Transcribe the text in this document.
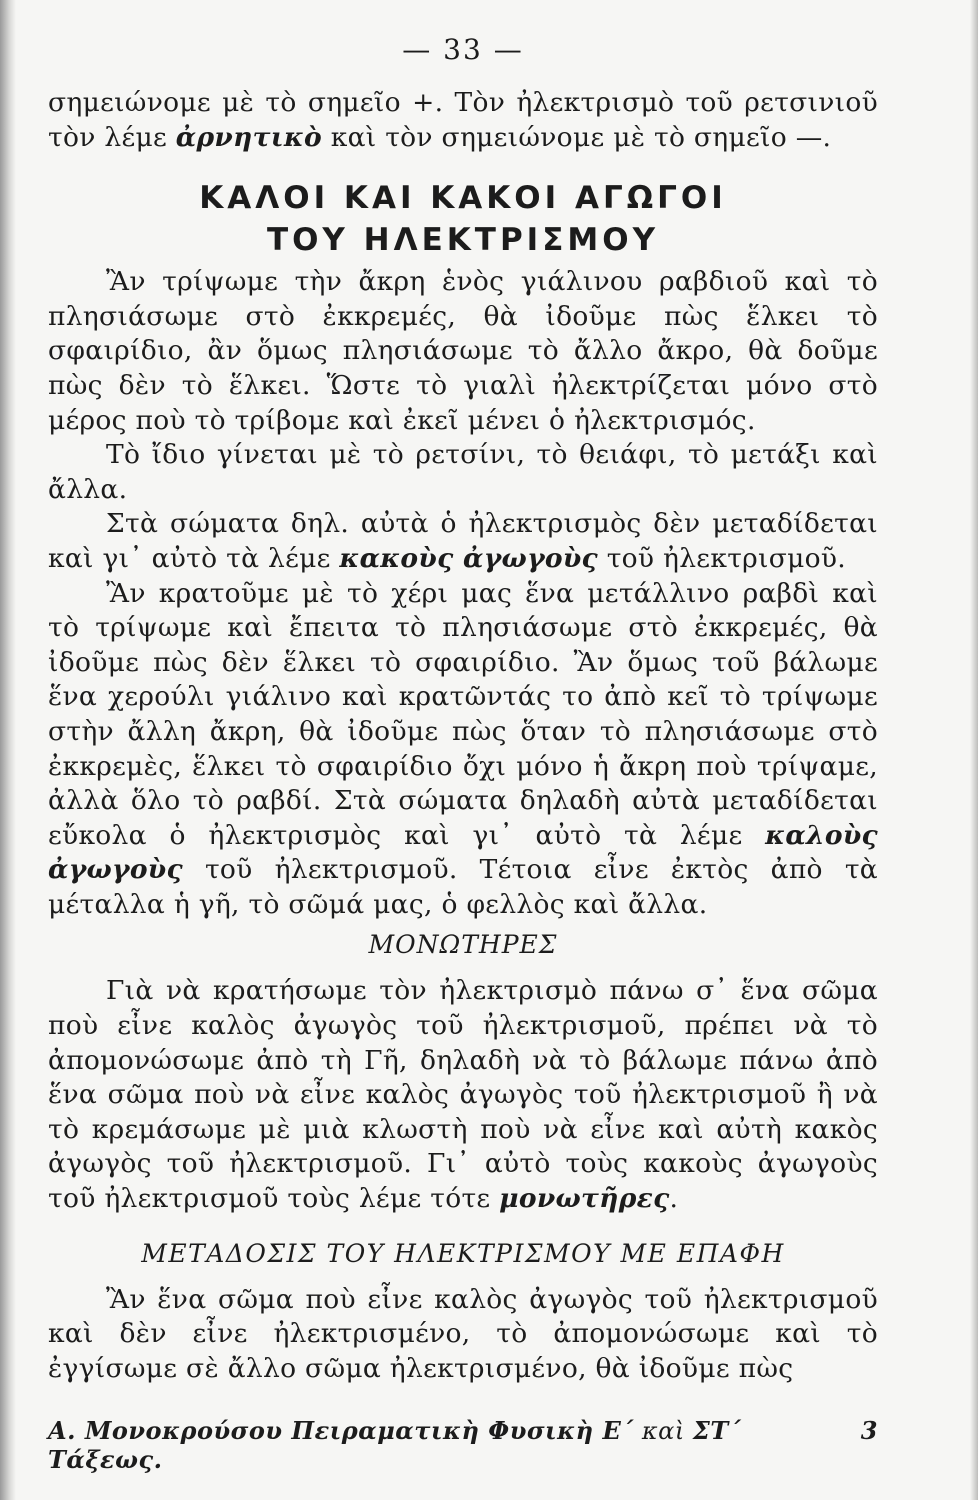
— 33 —

σημειώνομε μὲ τὸ σημεῖο +. Τὸν ἠλεκτρισμὸ τοῦ ρετσινιοῦ τὸν λέμε ἀρνητικὸ καὶ τὸν σημειώνομε μὲ τὸ σημεῖο —.

ΚΑΛΟΙ ΚΑΙ ΚΑΚΟΙ ΑΓΩΓΟΙ
ΤΟΥ ΗΛΕΚΤΡΙΣΜΟΥ

Ἂν τρίψωμε τὴν ἄκρη ἑνὸς γιάλινου ραβδιοῦ καὶ τὸ πλησιάσωμε στὸ ἐκκρεμές, θὰ ἰδοῦμε πὼς ἕλκει τὸ σφαιρίδιο, ἂν ὅμως πλησιάσωμε τὸ ἄλλο ἄκρο, θὰ δοῦμε πὼς δὲν τὸ ἕλκει. Ὥστε τὸ γιαλὶ ἠλεκτρίζεται μόνο στὸ μέρος ποὺ τὸ τρίβομε καὶ ἐκεῖ μένει ὁ ἠλεκτρισμός.

Τὸ ἴδιο γίνεται μὲ τὸ ρετσίνι, τὸ θειάφι, τὸ μετάξι καὶ ἄλλα.

Στὰ σώματα δηλ. αὐτὰ ὁ ἠλεκτρισμὸς δὲν μεταδίδεται καὶ γι᾽ αὐτὸ τὰ λέμε κακοὺς ἀγωγοὺς τοῦ ἠλεκτρισμοῦ.

Ἂν κρατοῦμε μὲ τὸ χέρι μας ἕνα μετάλλινο ραβδὶ καὶ τὸ τρίψωμε καὶ ἔπειτα τὸ πλησιάσωμε στὸ ἐκκρεμές, θὰ ἰδοῦμε πὼς δὲν ἕλκει τὸ σφαιρίδιο. Ἂν ὅμως τοῦ βάλωμε ἕνα χερούλι γιάλινο καὶ κρατῶντάς το ἀπὸ κεῖ τὸ τρίψωμε στὴν ἄλλη ἄκρη, θὰ ἰδοῦμε πὼς ὅταν τὸ πλησιάσωμε στὸ ἐκκρεμὲς, ἕλκει τὸ σφαιρίδιο ὄχι μόνο ἡ ἄκρη ποὺ τρίψαμε, ἀλλὰ ὅλο τὸ ραβδί. Στὰ σώματα δηλαδὴ αὐτὰ μεταδίδεται εὔκολα ὁ ἠλεκτρισμὸς καὶ γι᾽ αὐτὸ τὰ λέμε καλοὺς ἀγωγοὺς τοῦ ἠλεκτρισμοῦ. Τέτοια εἶνε ἐκτὸς ἀπὸ τὰ μέταλλα ἡ γῆ, τὸ σῶμά μας, ὁ φελλὸς καὶ ἄλλα.

ΜΟΝΩΤΗΡΕΣ

Γιὰ νὰ κρατήσωμε τὸν ἠλεκτρισμὸ πάνω σ᾽ ἕνα σῶμα ποὺ εἶνε καλὸς ἀγωγὸς τοῦ ἠλεκτρισμοῦ, πρέπει νὰ τὸ ἀπομονώσωμε ἀπὸ τὴ Γῆ, δηλαδὴ νὰ τὸ βάλωμε πάνω ἀπὸ ἕνα σῶμα ποὺ νὰ εἶνε καλὸς ἀγωγὸς τοῦ ἠλεκτρισμοῦ ἢ νὰ τὸ κρεμάσωμε μὲ μιὰ κλωστὴ ποὺ νὰ εἶνε καὶ αὐτὴ κακὸς ἀγωγὸς τοῦ ἠλεκτρισμοῦ. Γι᾽ αὐτὸ τοὺς κακοὺς ἀγωγοὺς τοῦ ἠλεκτρισμοῦ τοὺς λέμε τότε μονωτῆρες.

ΜΕΤΑΔΟΣΙΣ ΤΟΥ ΗΛΕΚΤΡΙΣΜΟΥ ΜΕ ΕΠΑΦΗ

Ἂν ἕνα σῶμα ποὺ εἶνε καλὸς ἀγωγὸς τοῦ ἠλεκτρισμοῦ καὶ δὲν εἶνε ἠλεκτρισμένο, τὸ ἀπομονώσωμε καὶ τὸ ἐγγίσωμε σὲ ἄλλο σῶμα ἠλεκτρισμένο, θὰ ἰδοῦμε πὼς

Α. Μονοκρούσου Πειραματικὴ Φυσικὴ Ε΄ καὶ ΣΤ΄ Τάξεως.
3
